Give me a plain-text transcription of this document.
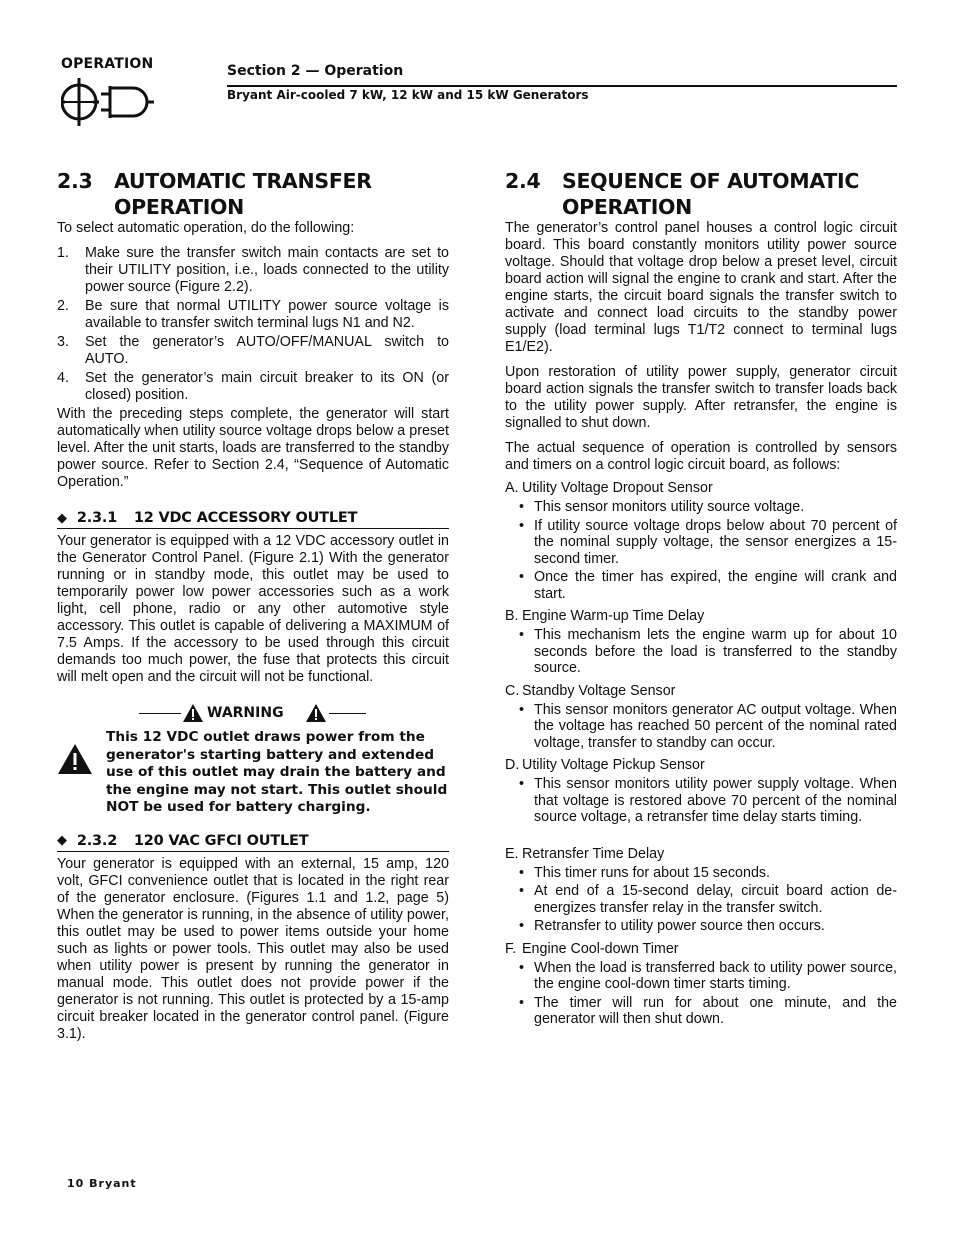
OPERATION	Section 2 — Operation
Bryant Air-cooled 7 kW, 12 kW and 15 kW Generators
2.3	AUTOMATIC TRANSFER OPERATION

To select automatic operation, do the following:

1.	Make sure the transfer switch main contacts are set to their UTILITY position, i.e., loads connected to the utility power source (Figure 2.2).
2.	Be sure that normal UTILITY power source voltage is available to transfer switch terminal lugs N1 and N2.
3.	Set the generator’s AUTO/OFF/MANUAL switch to AUTO.
4.	Set the generator’s main circuit breaker to its ON (or closed) position.

With the preceding steps complete, the generator will start automatically when utility source voltage drops below a preset level. After the unit starts, loads are transferred to the standby power source. Refer to Section 2.4, “Sequence of Automatic Operation.”

◆ 2.3.1	12 VDC ACCESSORY OUTLET

Your generator is equipped with a 12 VDC accessory outlet in the Generator Control Panel. (Figure 2.1) With the generator running or in standby mode, this outlet may be used to temporarily power low power accessories such as a work light, cell phone, radio or any other automotive style accessory. This outlet is capable of delivering a MAXIMUM of 7.5 Amps. If the accessory to be used through this circuit demands too much power, the fuse that protects this circuit will melt open and the circuit will not be functional.

WARNING
This 12 VDC outlet draws power from the generator's starting battery and extended use of this outlet may drain the battery and the engine may not start. This outlet should NOT be used for battery charging.
◆ 2.3.2	120 VAC GFCI OUTLET

Your generator is equipped with an external, 15 amp, 120 volt, GFCI convenience outlet that is located in the right rear of the generator enclosure. (Figures 1.1 and 1.2, page 5) When the generator is running, in the absence of utility power, this outlet may be used to power items outside your home such as lights or power tools. This outlet may also be used when utility power is present by running the generator in manual mode. This outlet does not provide power if the generator is not running. This outlet is protected by a 15-amp circuit breaker located in the generator control panel. (Figure 3.1).

2.4	SEQUENCE OF AUTOMATIC OPERATION

The generator’s control panel houses a control logic circuit board. This board constantly monitors utility power source voltage. Should that voltage drop below a preset level, circuit board action will signal the engine to crank and start. After the engine starts, the circuit board signals the transfer switch to activate and connect load circuits to the standby power supply (load terminal lugs T1/T2 connect to terminal lugs E1/E2).

Upon restoration of utility power supply, generator circuit board action signals the transfer switch to transfer loads back to the utility power supply. After retransfer, the engine is signalled to shut down.

The actual sequence of operation is controlled by sensors and timers on a control logic circuit board, as follows:

A. Utility Voltage Dropout Sensor
• This sensor monitors utility source voltage.
• If utility source voltage drops below about 70 percent of the nominal supply voltage, the sensor energizes a 15-second timer.
• Once the timer has expired, the engine will crank and start.
B. Engine Warm-up Time Delay
• This mechanism lets the engine warm up for about 10 seconds before the load is transferred to the standby source.
C. Standby Voltage Sensor
• This sensor monitors generator AC output voltage. When the voltage has reached 50 percent of the nominal rated voltage, transfer to standby can occur.
D. Utility Voltage Pickup Sensor
• This sensor monitors utility power supply voltage. When that voltage is restored above 70 percent of the nominal source voltage, a retransfer time delay starts timing.
E. Retransfer Time Delay
• This timer runs for about 15 seconds.
• At end of a 15-second delay, circuit board action de-energizes transfer relay in the transfer switch.
• Retransfer to utility power source then occurs.
F. Engine Cool-down Timer
• When the load is transferred back to utility power source, the engine cool-down timer starts timing.
• The timer will run for about one minute, and the generator will then shut down.
10 Bryant
